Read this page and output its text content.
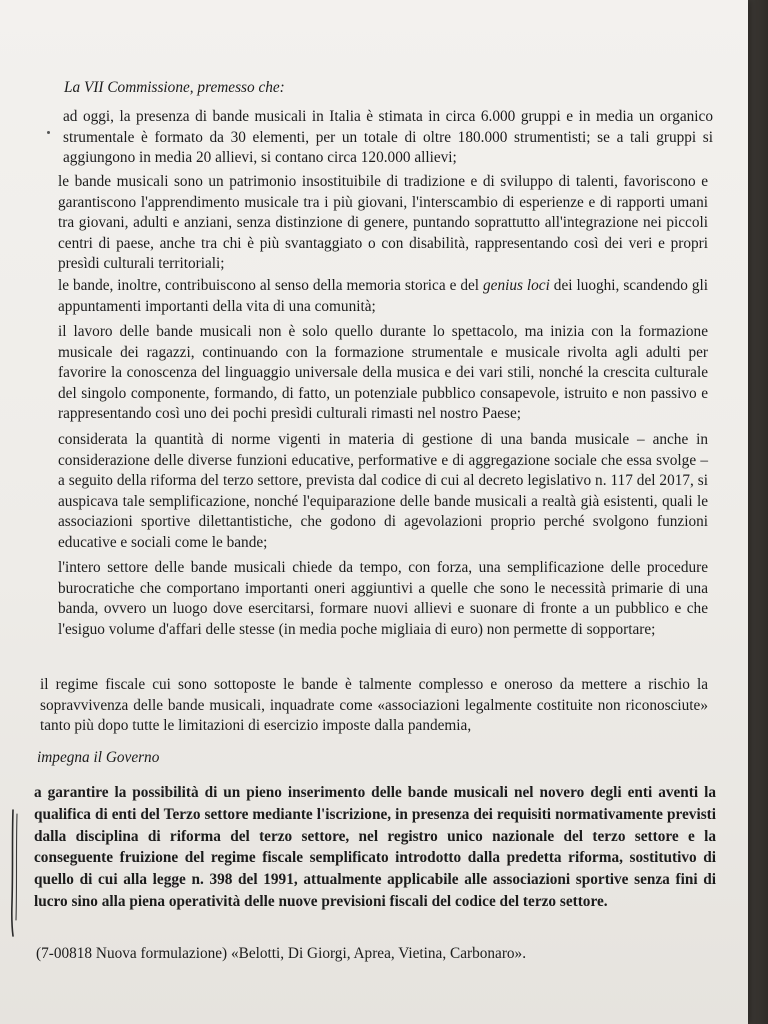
La VII Commissione, premesso che:

ad oggi, la presenza di bande musicali in Italia è stimata in circa 6.000 gruppi e in media un organico strumentale è formato da 30 elementi, per un totale di oltre 180.000 strumentisti; se a tali gruppi si aggiungono in media 20 allievi, si contano circa 120.000 allievi;

le bande musicali sono un patrimonio insostituibile di tradizione e di sviluppo di talenti, favoriscono e garantiscono l'apprendimento musicale tra i più giovani, l'interscambio di esperienze e di rapporti umani tra giovani, adulti e anziani, senza distinzione di genere, puntando soprattutto all'integrazione nei piccoli centri di paese, anche tra chi è più svantaggiato o con disabilità, rappresentando così dei veri e propri presìdi culturali territoriali;

le bande, inoltre, contribuiscono al senso della memoria storica e del genius loci dei luoghi, scandendo gli appuntamenti importanti della vita di una comunità;

il lavoro delle bande musicali non è solo quello durante lo spettacolo, ma inizia con la formazione musicale dei ragazzi, continuando con la formazione strumentale e musicale rivolta agli adulti per favorire la conoscenza del linguaggio universale della musica e dei vari stili, nonché la crescita culturale del singolo componente, formando, di fatto, un potenziale pubblico consapevole, istruito e non passivo e rappresentando così uno dei pochi presìdi culturali rimasti nel nostro Paese;

considerata la quantità di norme vigenti in materia di gestione di una banda musicale – anche in considerazione delle diverse funzioni educative, performative e di aggregazione sociale che essa svolge – a seguito della riforma del terzo settore, prevista dal codice di cui al decreto legislativo n. 117 del 2017, si auspicava tale semplificazione, nonché l'equiparazione delle bande musicali a realtà già esistenti, quali le associazioni sportive dilettantistiche, che godono di agevolazioni proprio perché svolgono funzioni educative e sociali come le bande;

l'intero settore delle bande musicali chiede da tempo, con forza, una semplificazione delle procedure burocratiche che comportano importanti oneri aggiuntivi a quelle che sono le necessità primarie di una banda, ovvero un luogo dove esercitarsi, formare nuovi allievi e suonare di fronte a un pubblico e che l'esiguo volume d'affari delle stesse (in media poche migliaia di euro) non permette di sopportare;

il regime fiscale cui sono sottoposte le bande è talmente complesso e oneroso da mettere a rischio la sopravvivenza delle bande musicali, inquadrate come «associazioni legalmente costituite non riconosciute» tanto più dopo tutte le limitazioni di esercizio imposte dalla pandemia,

impegna il Governo

a garantire la possibilità di un pieno inserimento delle bande musicali nel novero degli enti aventi la qualifica di enti del Terzo settore mediante l'iscrizione, in presenza dei requisiti normativamente previsti dalla disciplina di riforma del terzo settore, nel registro unico nazionale del terzo settore e la conseguente fruizione del regime fiscale semplificato introdotto dalla predetta riforma, sostitutivo di quello di cui alla legge n. 398 del 1991, attualmente applicabile alle associazioni sportive senza fini di lucro sino alla piena operatività delle nuove previsioni fiscali del codice del terzo settore.

(7-00818 Nuova formulazione) «Belotti, Di Giorgi, Aprea, Vietina, Carbonaro».
